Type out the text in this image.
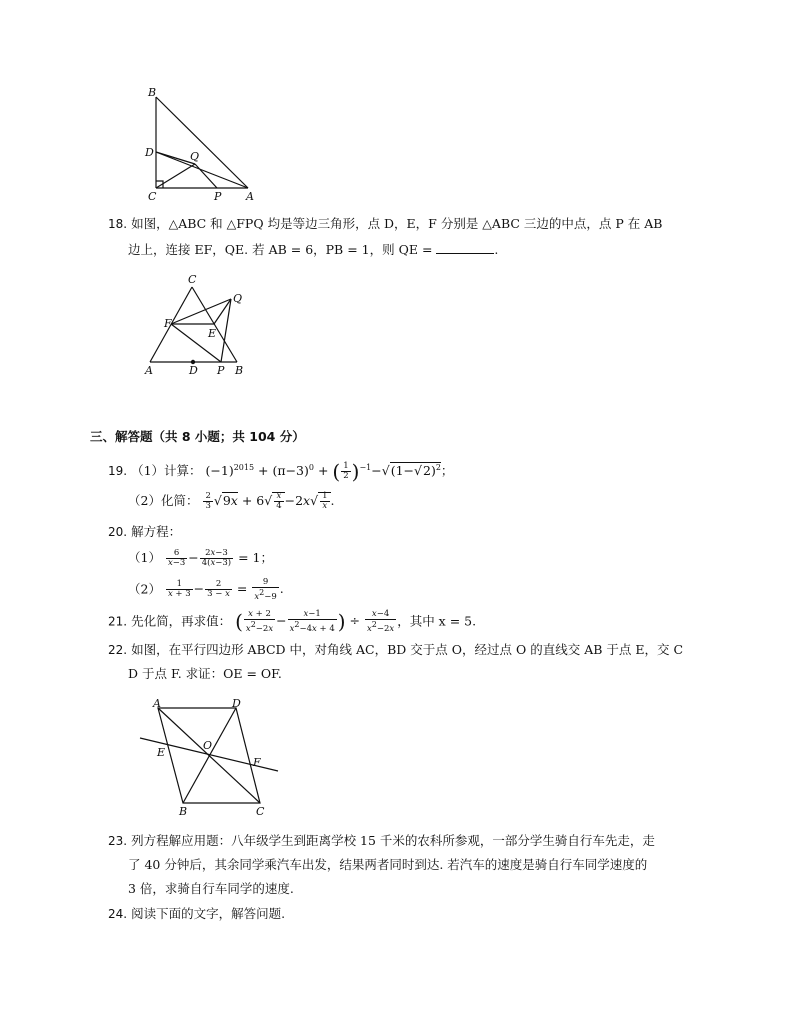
B
D	Q
C	P A
18. 如图，△ABC 和 △FPQ 均是等边三角形，点 D，E，F 分别是 △ABC 三边的中点，点 P 在 AB
边上，连接 EF，QE. 若 AB = 6，PB = 1，则 QE =	.
C
Q
F
E
A	D P B
三、解答题（共 8 小题；共 104 分）
19. （1）计算： $(-1)^{2015} + (\pi-3)^0$ + ( $\frac{1}{2} )^{-1}-√(1-√2)^2$；
（2）化简： $\frac{2}{3} √9x + 6√ \frac{x}{4} -2x√ \frac{1}{x}$ .
20. 解方程：
$(1) \frac{6}{x-3} - \frac{2x-3}{4(x-3)} = 1$；
$(2) \frac{1}{x + 3} - \frac{2}{3 - x} = \frac{9}{x^2-9}$ .
21. 先化简，再求值： ( $\frac{x + 2}{x^2-2x} - \frac{x-1}{x^2-4x + 4}$ ) ÷ $\frac{x-4}{x^2-2x}$ ，其中 x = 5.
22. 如图，在平行四边形 ABCD 中，对角线 AC，BD 交于点 O，经过点 O 的直线交 AB 于点 E，交 C
D 于点 F. 求证：OE = OF.
A	D
O
E
F
B	C
23. 列方程解应用题：八年级学生到距离学校 15 千米的农科所参观，一部分学生骑自行车先走，走
了 40 分钟后，其余同学乘汽车出发，结果两者同时到达. 若汽车的速度是骑自行车同学速度的
3 倍，求骑自行车同学的速度.
24. 阅读下面的文字，解答问题.
